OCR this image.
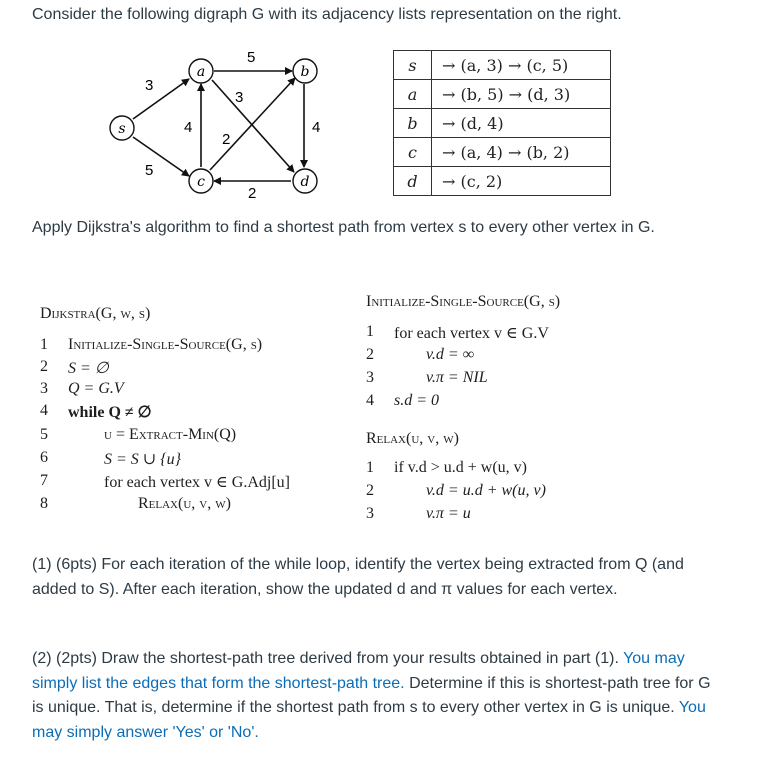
Consider the following digraph G with its adjacency lists representation on the right.
s
a	b
c	d
3
5
5
3
4
4
2
2
s	→ (a, 3) → (c, 5)
a	→ (b, 5) → (d, 3)
b	→ (d, 4)
c	→ (a, 4) → (b, 2)
d	→ (c, 2)
Apply Dijkstra's algorithm to find a shortest path from vertex s to every other vertex in G.
Dijkstra(G, w, s)
1	Initialize-Single-Source(G, s)
2	S = ∅
3	Q = G.V
4	while Q ≠ ∅
5	u = Extract-Min(Q)
6	S = S ∪ {u}
7	for each vertex v ∈ G.Adj[u]
8	Relax(u, v, w)
Initialize-Single-Source(G, s)
1	for each vertex v ∈ G.V
2	v.d = ∞
3	v.π = NIL
4	s.d = 0
Relax(u, v, w)
1	if v.d > u.d + w(u, v)
2	v.d = u.d + w(u, v)
3	v.π = u
(1) (6pts) For each iteration of the while loop, identify the vertex being extracted from Q (and added to S). After each iteration, show the updated d and π values for each vertex.
(2) (2pts) Draw the shortest-path tree derived from your results obtained in part (1). You may simply list the edges that form the shortest-path tree. Determine if this is shortest-path tree for G is unique. That is, determine if the shortest path from s to every other vertex in G is unique. You may simply answer 'Yes' or 'No'.
